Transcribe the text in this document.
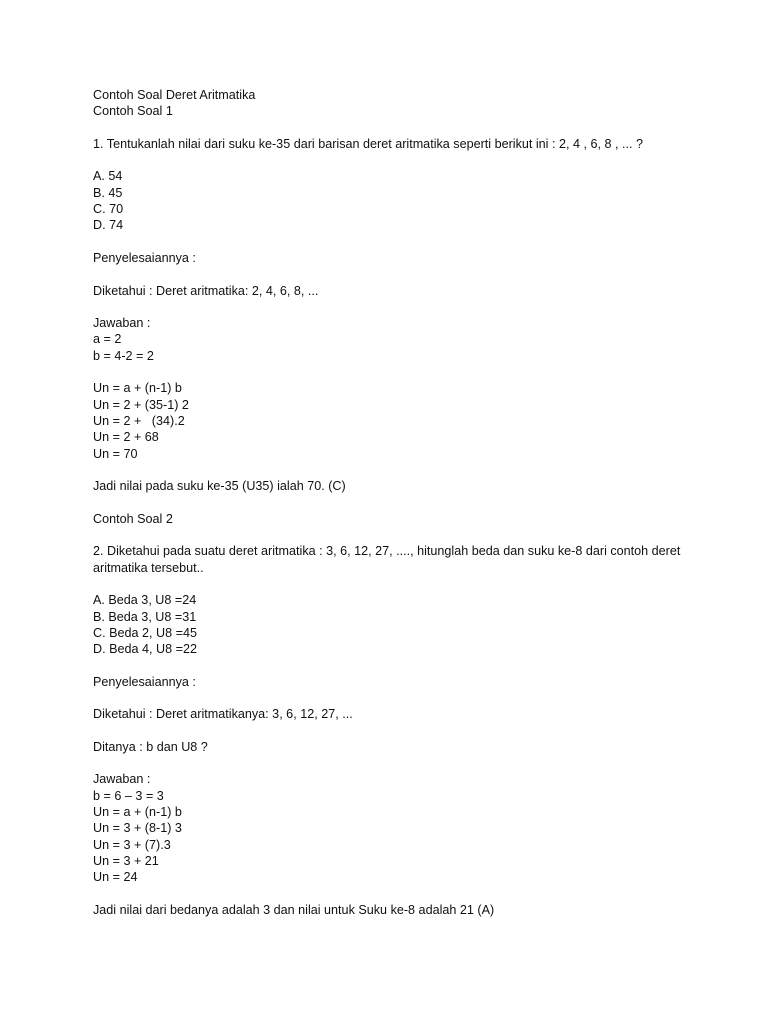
Contoh Soal Deret Aritmatika
Contoh Soal 1
1. Tentukanlah nilai dari suku ke-35 dari barisan deret aritmatika seperti berikut ini : 2, 4 , 6, 8 , ... ?
A. 54
B. 45
C. 70
D. 74
Penyelesaiannya :
Diketahui : Deret aritmatika: 2, 4, 6, 8, ...
Jawaban :
a = 2
b = 4-2 = 2
Un = a + (n-1) b
Un = 2 + (35-1) 2
Un = 2 +   (34).2
Un = 2 + 68
Un = 70
Jadi nilai pada suku ke-35 (U35) ialah 70. (C)
Contoh Soal 2
2. Diketahui pada suatu deret aritmatika : 3, 6, 12, 27, ...., hitunglah beda dan suku ke-8 dari contoh deret aritmatika tersebut..
A. Beda 3, U8 =24
B. Beda 3, U8 =31
C. Beda 2, U8 =45
D. Beda 4, U8 =22
Penyelesaiannya :
Diketahui : Deret aritmatikanya: 3, 6, 12, 27, ...
Ditanya : b dan U8 ?
Jawaban :
b = 6 – 3 = 3
Un = a + (n-1) b
Un = 3 + (8-1) 3
Un = 3 + (7).3
Un = 3 + 21
Un = 24
Jadi nilai dari bedanya adalah 3 dan nilai untuk Suku ke-8 adalah 21 (A)
